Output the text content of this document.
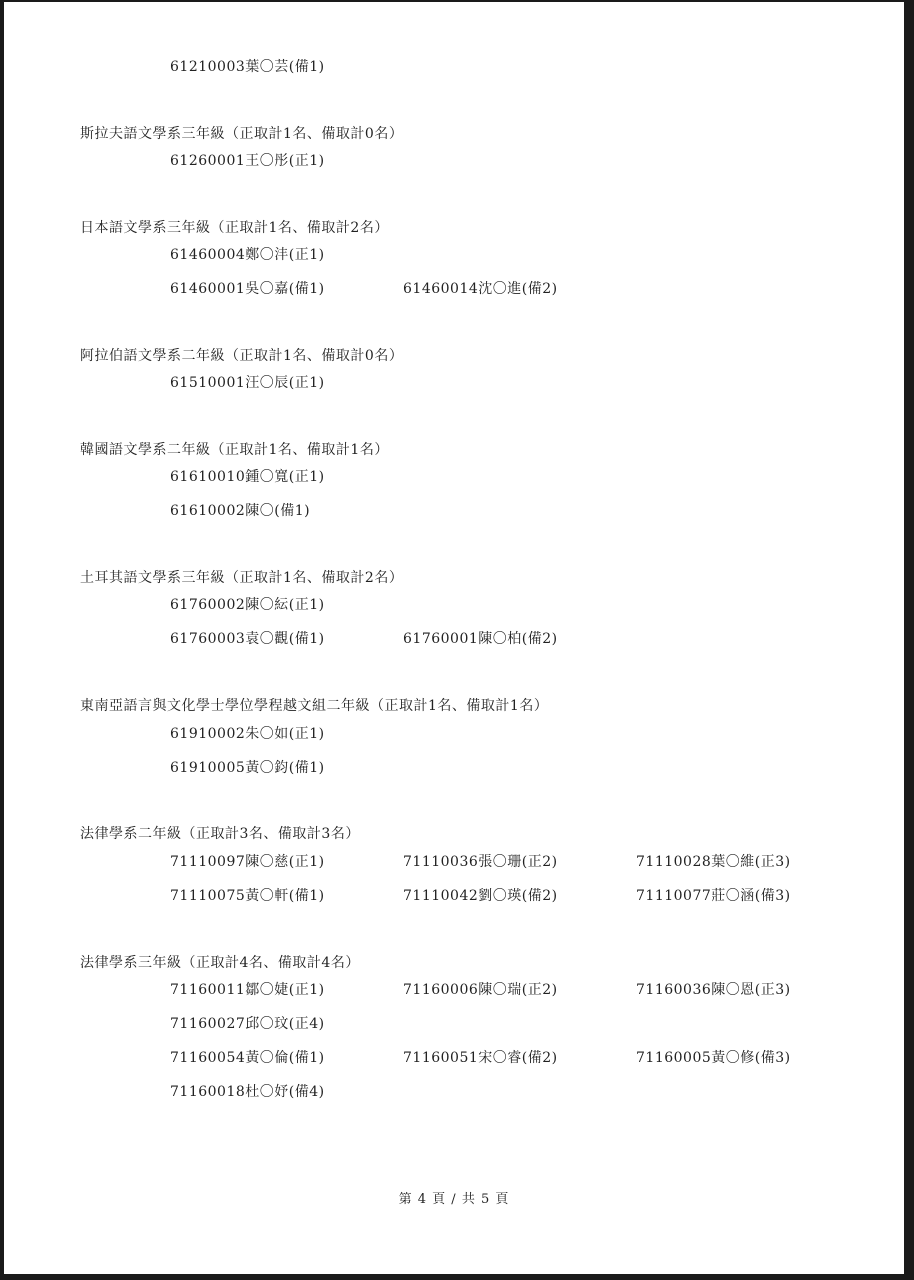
61210003葉〇芸(備1)
斯拉夫語文學系三年級（正取計1名、備取計0名）
61260001王〇彤(正1)
日本語文學系三年級（正取計1名、備取計2名）
61460004鄭〇沣(正1)
61460001吳〇嘉(備1)	61460014沈〇進(備2)
阿拉伯語文學系二年級（正取計1名、備取計0名）
61510001汪〇辰(正1)
韓國語文學系二年級（正取計1名、備取計1名）
61610010鍾〇寬(正1)
61610002陳〇(備1)
土耳其語文學系三年級（正取計1名、備取計2名）
61760002陳〇紜(正1)
61760003袁〇觀(備1)	61760001陳〇柏(備2)
東南亞語言與文化學士學位學程越文組二年級（正取計1名、備取計1名）
61910002朱〇如(正1)
61910005黃〇鈞(備1)
法律學系二年級（正取計3名、備取計3名）
71110097陳〇慈(正1)	71110036張〇珊(正2)	71110028葉〇維(正3)
71110075黃〇軒(備1)	71110042劉〇瑛(備2)	71110077莊〇涵(備3)
法律學系三年級（正取計4名、備取計4名）
71160011鄒〇婕(正1)	71160006陳〇瑞(正2)	71160036陳〇恩(正3)
71160027邱〇玟(正4)
71160054黃〇倫(備1)	71160051宋〇睿(備2)	71160005黃〇修(備3)
71160018杜〇妤(備4)
第 4 頁 / 共 5 頁
